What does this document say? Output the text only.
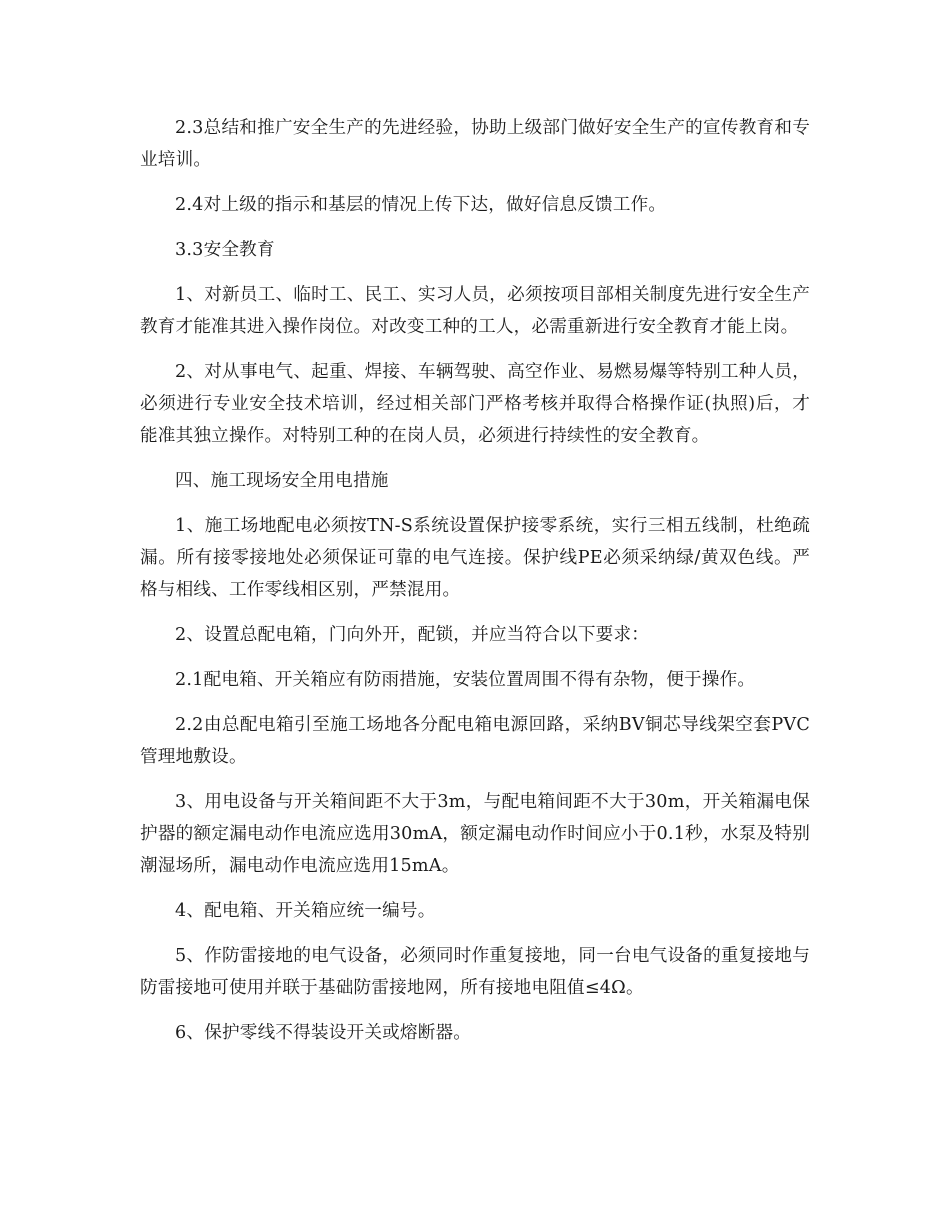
2.3总结和推广安全生产的先进经验，协助上级部门做好安全生产的宣传教育和专业培训。

2.4对上级的指示和基层的情况上传下达，做好信息反馈工作。

3.3安全教育

1、对新员工、临时工、民工、实习人员，必须按项目部相关制度先进行安全生产教育才能准其进入操作岗位。对改变工种的工人，必需重新进行安全教育才能上岗。

2、对从事电气、起重、焊接、车辆驾驶、高空作业、易燃易爆等特别工种人员，必须进行专业安全技术培训，经过相关部门严格考核并取得合格操作证(执照)后，才能准其独立操作。对特别工种的在岗人员，必须进行持续性的安全教育。

四、施工现场安全用电措施

1、施工场地配电必须按TN-S系统设置保护接零系统，实行三相五线制，杜绝疏漏。所有接零接地处必须保证可靠的电气连接。保护线PE必须采纳绿/黄双色线。严格与相线、工作零线相区别，严禁混用。

2、设置总配电箱，门向外开，配锁，并应当符合以下要求：

2.1配电箱、开关箱应有防雨措施，安装位置周围不得有杂物，便于操作。

2.2由总配电箱引至施工场地各分配电箱电源回路，采纳BV铜芯导线架空套PVC管理地敷设。

3、用电设备与开关箱间距不大于3m，与配电箱间距不大于30m，开关箱漏电保护器的额定漏电动作电流应选用30mA，额定漏电动作时间应小于0.1秒，水泵及特别潮湿场所，漏电动作电流应选用15mA。

4、配电箱、开关箱应统一编号。

5、作防雷接地的电气设备，必须同时作重复接地，同一台电气设备的重复接地与防雷接地可使用并联于基础防雷接地网，所有接地电阻值≤4Ω。

6、保护零线不得装设开关或熔断器。
